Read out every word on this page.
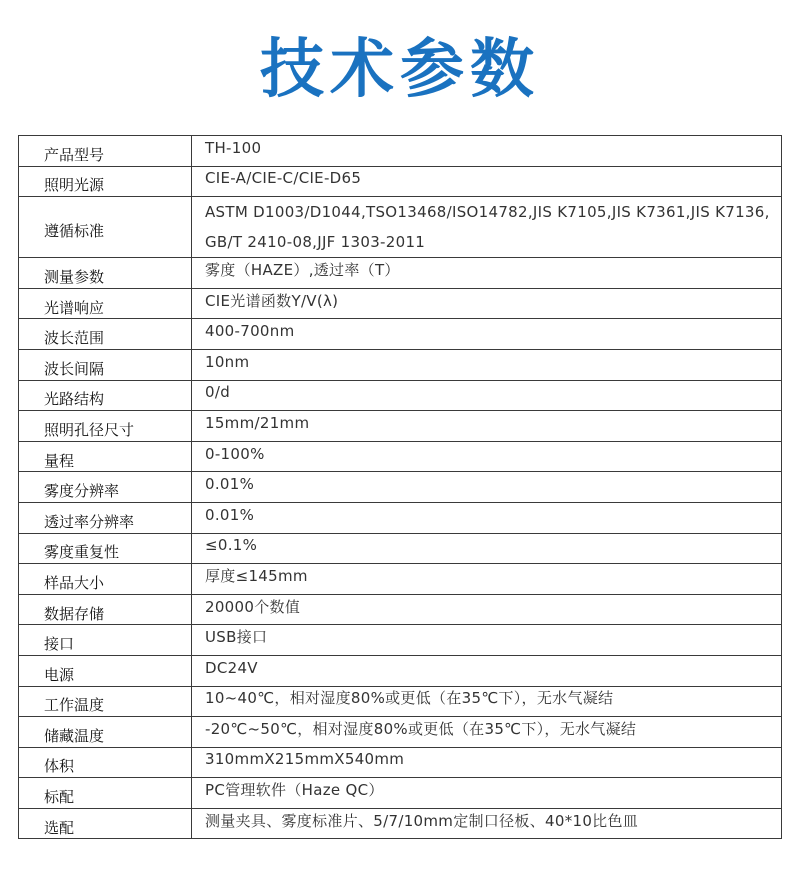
技术参数
产品型号	TH-100
照明光源	CIE-A/CIE-C/CIE-D65
遵循标准	ASTM D1003/D1044,TSO13468/ISO14782,JIS K7105,JIS K7361,JIS K7136, GB/T 2410-08,JJF 1303-2011
测量参数	雾度（HAZE）,透过率（T）
光谱响应	CIE光谱函数Y/V(λ)
波长范围	400-700nm
波长间隔	10nm
光路结构	0/d
照明孔径尺寸	15mm/21mm
量程	0-100%
雾度分辨率	0.01%
透过率分辨率	0.01%
雾度重复性	≤0.1%
样品大小	厚度≤145mm
数据存储	20000个数值
接口	USB接口
电源	DC24V
工作温度	10~40℃，相对湿度80%或更低（在35℃下），无水气凝结
储藏温度	-20℃~50℃，相对湿度80%或更低（在35℃下），无水气凝结
体积	310mmX215mmX540mm
标配	PC管理软件（Haze QC）
选配	测量夹具、雾度标准片、5/7/10mm定制口径板、40*10比色皿
